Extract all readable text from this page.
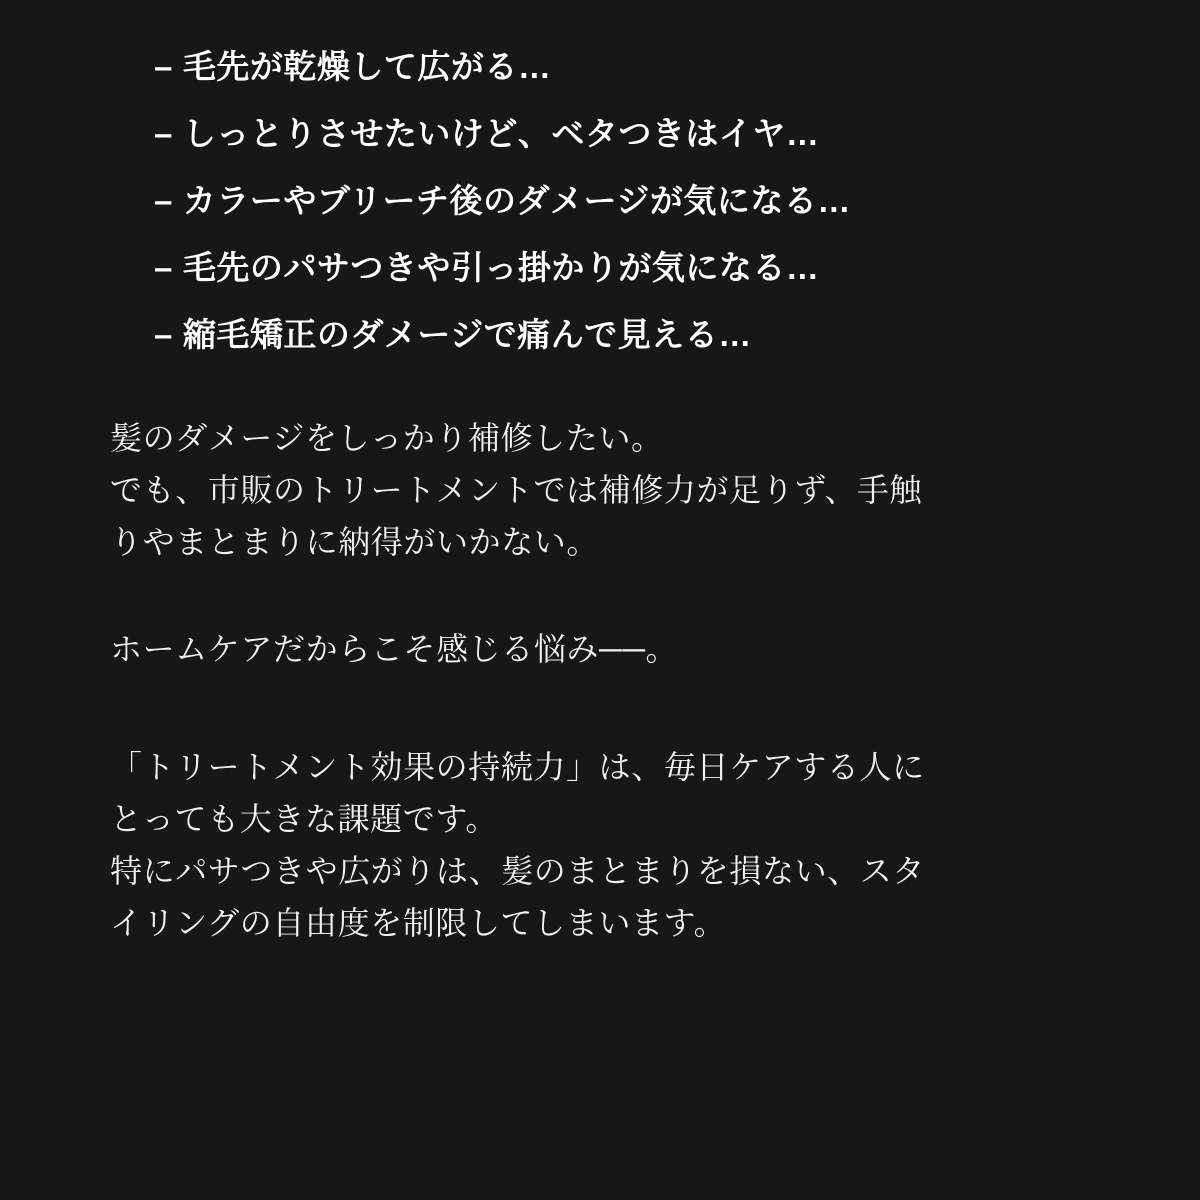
– 毛先が乾燥して広がる…
– しっとりさせたいけど、ベタつきはイヤ…
– カラーやブリーチ後のダメージが気になる…
– 毛先のパサつきや引っ掛かりが気になる…
– 縮毛矯正のダメージで痛んで見える…

髪のダメージをしっかり補修したい。

でも、市販のトリートメントでは補修力が足りず、手触

りやまとまりに納得がいかない。

ホームケアだからこそ感じる悩み──。

「トリートメント効果の持続力」は、毎日ケアする人に

とっても大きな課題です。

特にパサつきや広がりは、髪のまとまりを損ない、スタ

イリングの自由度を制限してしまいます。
